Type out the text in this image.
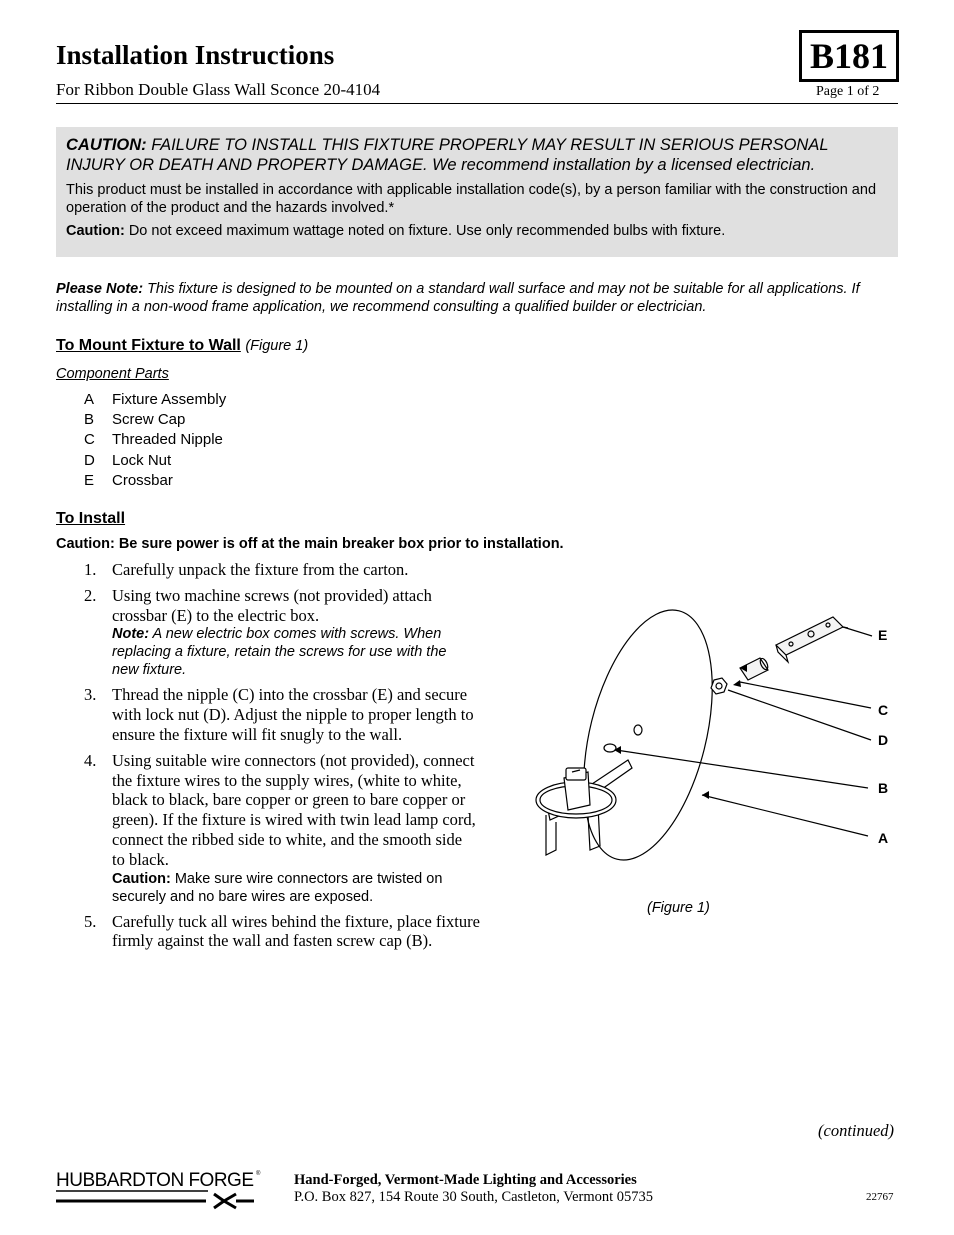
Installation Instructions
For Ribbon Double Glass Wall Sconce 20-4104
B181
Page 1 of 2
CAUTION: FAILURE TO INSTALL THIS FIXTURE PROPERLY MAY RESULT IN SERIOUS PERSONAL INJURY OR DEATH AND PROPERTY DAMAGE. We recommend installation by a licensed electrician.
This product must be installed in accordance with applicable installation code(s), by a person familiar with the construction and operation of the product and the hazards involved.*
Caution: Do not exceed maximum wattage noted on fixture. Use only recommended bulbs with fixture.
Please Note: This fixture is designed to be mounted on a standard wall surface and may not be suitable for all applications. If installing in a non-wood frame application, we recommend consulting a qualified builder or electrician.
To Mount Fixture to Wall (Figure 1)
Component Parts
A	Fixture Assembly
B	Screw Cap
C	Threaded Nipple
D	Lock Nut
E	Crossbar
To Install
Caution: Be sure power is off at the main breaker box prior to installation.
1. Carefully unpack the fixture from the carton.
2. Using two machine screws (not provided) attach crossbar (E) to the electric box.
Note: A new electric box comes with screws. When replacing a fixture, retain the screws for use with the new fixture.
3. Thread the nipple (C) into the crossbar (E) and secure with lock nut (D). Adjust the nipple to proper length to ensure the fixture will fit snugly to the wall.
4. Using suitable wire connectors (not provided), connect the fixture wires to the supply wires, (white to white, black to black, bare copper or green to bare copper or green). If the fixture is wired with twin lead lamp cord, connect the ribbed side to white, and the smooth side to black.
Caution: Make sure wire connectors are twisted on securely and no bare wires are exposed.
5. Carefully tuck all wires behind the fixture, place fixture firmly against the wall and fasten screw cap (B).
E
C
D
B
A
(Figure 1)
(continued)
HUBBARDTON FORGE ® Hand-Forged, Vermont-Made Lighting and Accessories
P.O. Box 827, 154 Route 30 South, Castleton, Vermont 05735	22767
